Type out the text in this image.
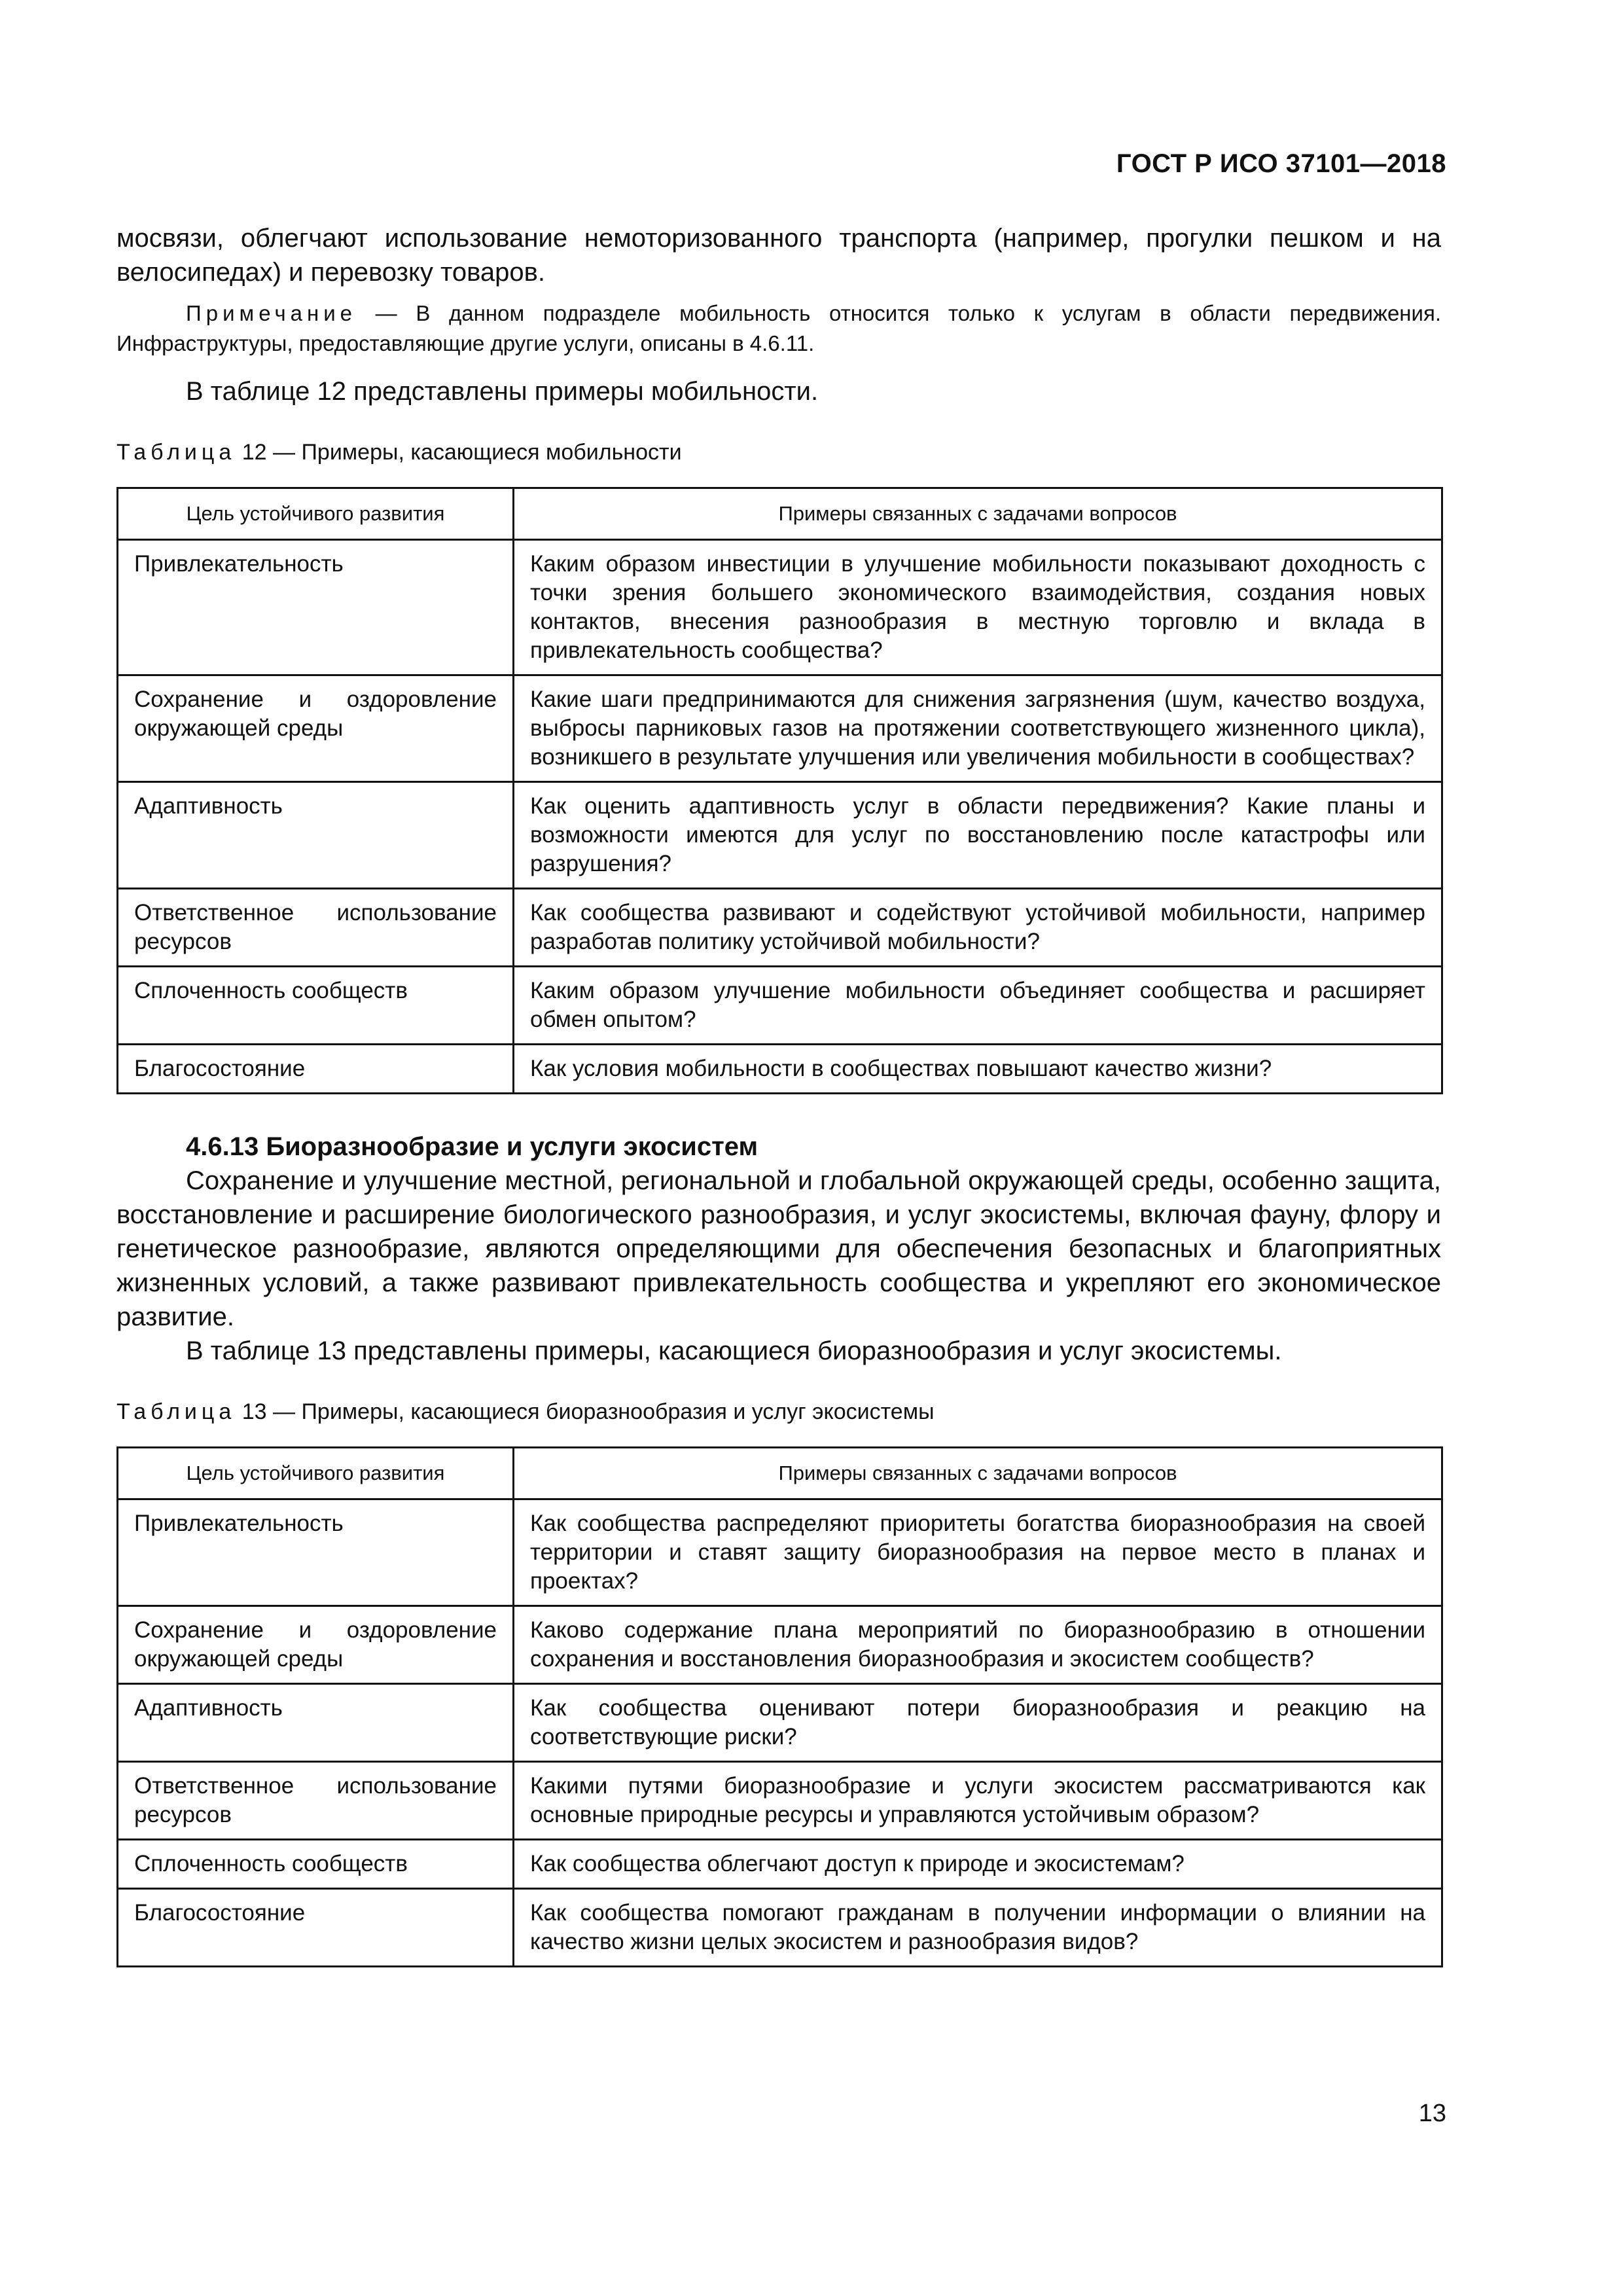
ГОСТ Р ИСО 37101—2018

мосвязи, облегчают использование немоторизованного транспорта (например, прогулки пешком и на велосипедах) и перевозку товаров.

Примечание — В данном подразделе мобильность относится только к услугам в области передвижения. Инфраструктуры, предоставляющие другие услуги, описаны в 4.6.11.

В таблице 12 представлены примеры мобильности.

Таблица 12 — Примеры, касающиеся мобильности

Цель устойчивого развития	Примеры связанных с задачами вопросов
Привлекательность	Каким образом инвестиции в улучшение мобильности показывают доходность с точки зрения большего экономического взаимодействия, создания новых контактов, внесения разнообразия в местную торговлю и вклада в привлекательность сообщества?
Сохранение и оздоровление окружающей среды	Какие шаги предпринимаются для снижения загрязнения (шум, качество воздуха, выбросы парниковых газов на протяжении соответствующего жизненного цикла), возникшего в результате улучшения или увеличения мобильности в сообществах?
Адаптивность	Как оценить адаптивность услуг в области передвижения? Какие планы и возможности имеются для услуг по восстановлению после катастрофы или разрушения?
Ответственное использование ресурсов	Как сообщества развивают и содействуют устойчивой мобильности, например разработав политику устойчивой мобильности?
Сплоченность сообществ	Каким образом улучшение мобильности объединяет сообщества и расширяет обмен опытом?
Благосостояние	Как условия мобильности в сообществах повышают качество жизни?

4.6.13 Биоразнообразие и услуги экосистем

Сохранение и улучшение местной, региональной и глобальной окружающей среды, особенно защита, восстановление и расширение биологического разнообразия, и услуг экосистемы, включая фауну, флору и генетическое разнообразие, являются определяющими для обеспечения безопасных и благоприятных жизненных условий, а также развивают привлекательность сообщества и укрепляют его экономическое развитие.

В таблице 13 представлены примеры, касающиеся биоразнообразия и услуг экосистемы.

Таблица 13 — Примеры, касающиеся биоразнообразия и услуг экосистемы

Цель устойчивого развития	Примеры связанных с задачами вопросов
Привлекательность	Как сообщества распределяют приоритеты богатства биоразнообразия на своей территории и ставят защиту биоразнообразия на первое место в планах и проектах?
Сохранение и оздоровление окружающей среды	Каково содержание плана мероприятий по биоразнообразию в отношении сохранения и восстановления биоразнообразия и экосистем сообществ?
Адаптивность	Как сообщества оценивают потери биоразнообразия и реакцию на соответствующие риски?
Ответственное использование ресурсов	Какими путями биоразнообразие и услуги экосистем рассматриваются как основные природные ресурсы и управляются устойчивым образом?
Сплоченность сообществ	Как сообщества облегчают доступ к природе и экосистемам?
Благосостояние	Как сообщества помогают гражданам в получении информации о влиянии на качество жизни целых экосистем и разнообразия видов?
13
